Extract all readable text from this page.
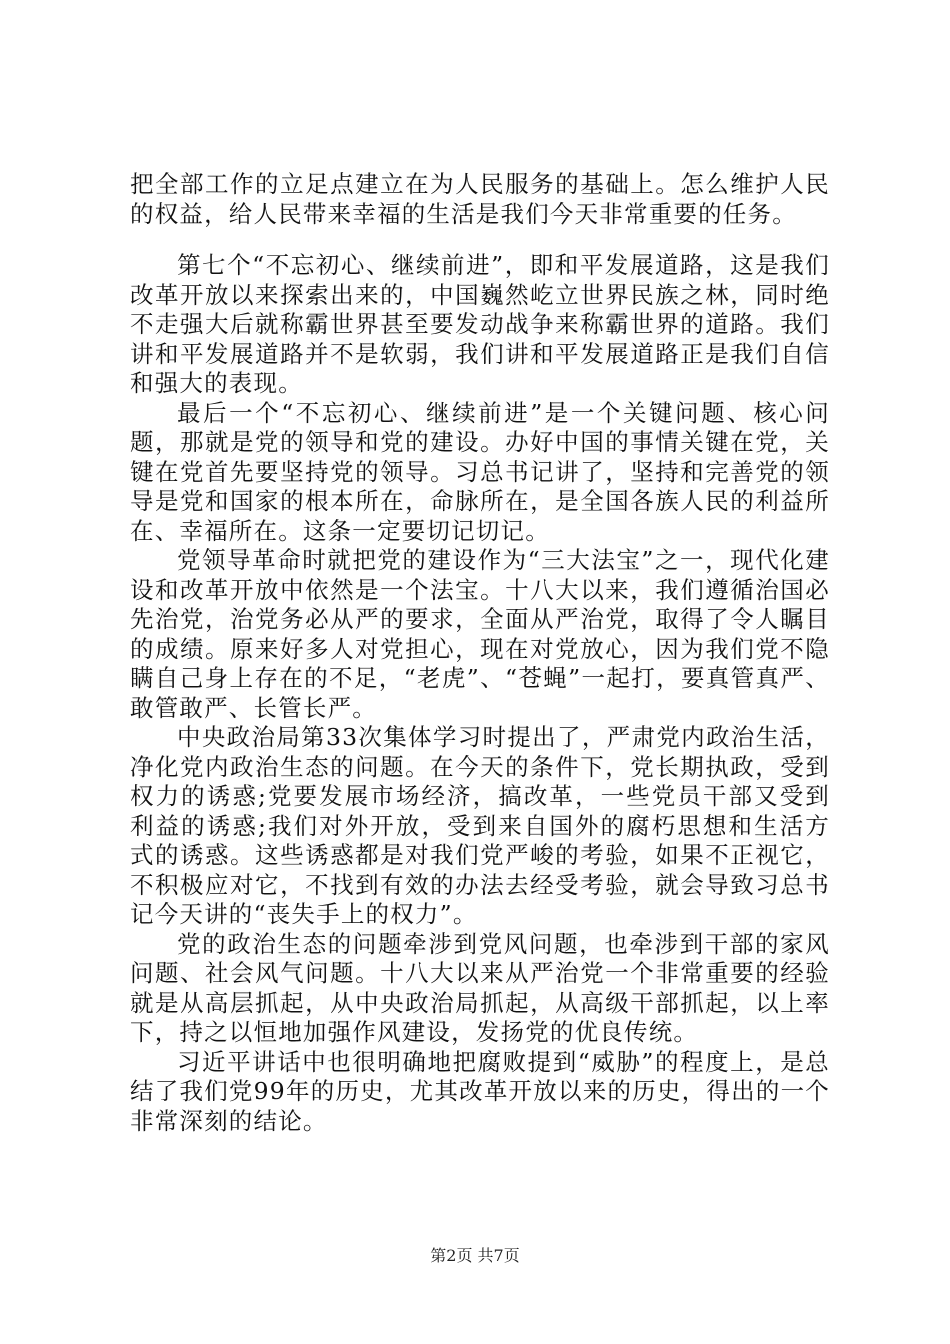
把全部工作的立足点建立在为人民服务的基础上。怎么维护人民的权益，给人民带来幸福的生活是我们今天非常重要的任务。

第七个“不忘初心、继续前进”，即和平发展道路，这是我们改革开放以来探索出来的，中国巍然屹立世界民族之林，同时绝不走强大后就称霸世界甚至要发动战争来称霸世界的道路。我们讲和平发展道路并不是软弱，我们讲和平发展道路正是我们自信和强大的表现。

最后一个“不忘初心、继续前进”是一个关键问题、核心问题，那就是党的领导和党的建设。办好中国的事情关键在党，关键在党首先要坚持党的领导。习总书记讲了，坚持和完善党的领导是党和国家的根本所在，命脉所在，是全国各族人民的利益所在、幸福所在。这条一定要切记切记。

党领导革命时就把党的建设作为“三大法宝”之一，现代化建设和改革开放中依然是一个法宝。十八大以来，我们遵循治国必先治党，治党务必从严的要求，全面从严治党，取得了令人瞩目的成绩。原来好多人对党担心，现在对党放心，因为我们党不隐瞒自己身上存在的不足，“老虎”、“苍蝇”一起打，要真管真严、敢管敢严、长管长严。

中央政治局第33次集体学习时提出了，严肃党内政治生活，净化党内政治生态的问题。在今天的条件下，党长期执政，受到权力的诱惑;党要发展市场经济，搞改革，一些党员干部又受到利益的诱惑;我们对外开放，受到来自国外的腐朽思想和生活方式的诱惑。这些诱惑都是对我们党严峻的考验，如果不正视它，不积极应对它，不找到有效的办法去经受考验，就会导致习总书记今天讲的“丧失手上的权力”。

党的政治生态的问题牵涉到党风问题，也牵涉到干部的家风问题、社会风气问题。十八大以来从严治党一个非常重要的经验就是从高层抓起，从中央政治局抓起，从高级干部抓起，以上率下，持之以恒地加强作风建设，发扬党的优良传统。

习近平讲话中也很明确地把腐败提到“威胁”的程度上，是总结了我们党99年的历史，尤其改革开放以来的历史，得出的一个非常深刻的结论。

第2页 共7页
